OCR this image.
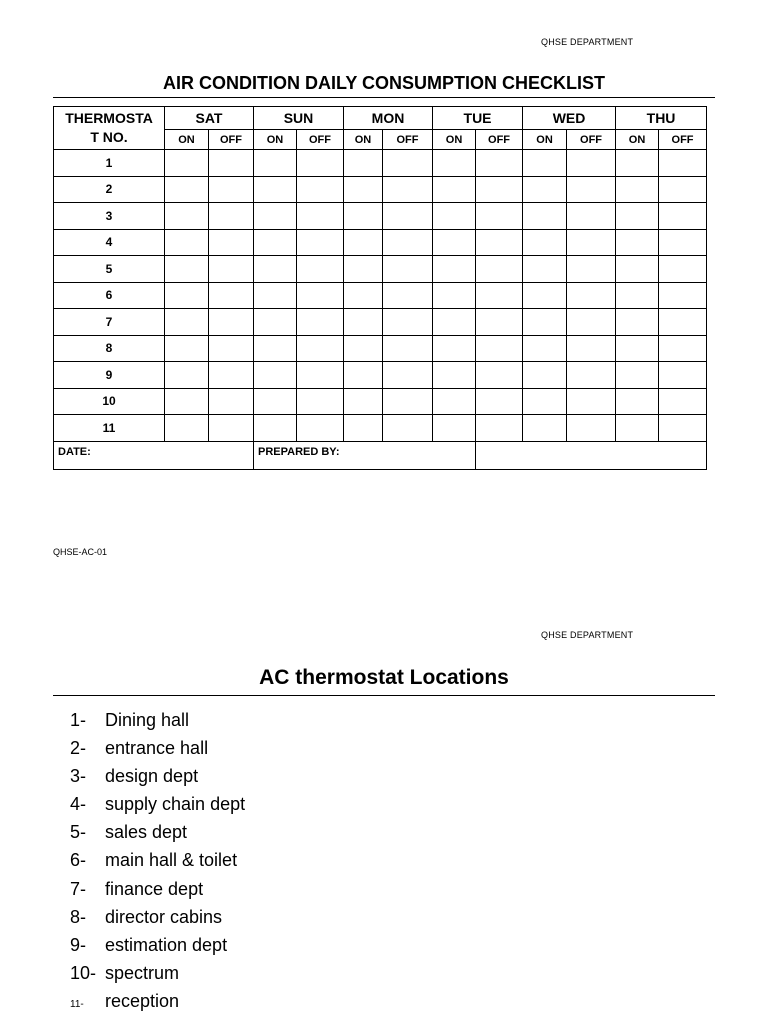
QHSE DEPARTMENT
AIR CONDITION DAILY CONSUMPTION CHECKLIST
THERMOSTA
T NO.	SAT		SUN		MON		TUE		WED		THU	
	ON	OFF	ON	OFF	ON	OFF	ON	OFF	ON	OFF	ON	OFF
1												
2												
3												
4												
5												
6												
7												
8												
9												
10												
11												
DATE:			PREPARED BY:									
QHSE-AC-01
QHSE DEPARTMENT
AC thermostat Locations
1- Dining hall
2- entrance hall
3- design dept
4- supply chain dept
5- sales dept
6- main hall & toilet
7- finance dept
8- director cabins
9- estimation dept
10- spectrum
11- reception
